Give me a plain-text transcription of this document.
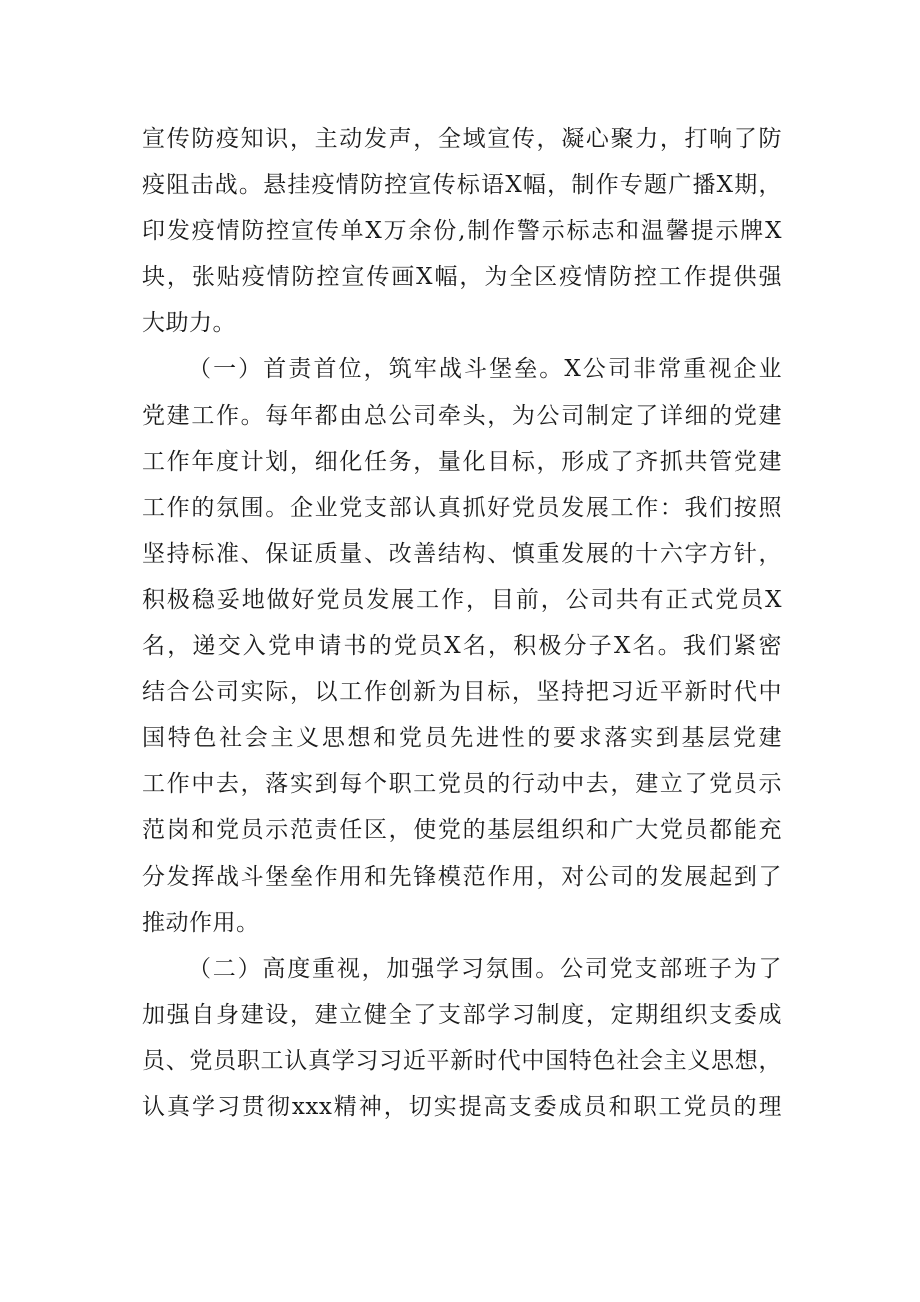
宣传防疫知识，主动发声，全域宣传，凝心聚力，打响了防
疫阻击战。悬挂疫情防控宣传标语X幅，制作专题广播X期，
印发疫情防控宣传单X万余份,制作警示标志和温馨提示牌X
块，张贴疫情防控宣传画X幅，为全区疫情防控工作提供强
大助力。
（一）首责首位，筑牢战斗堡垒。X公司非常重视企业
党建工作。每年都由总公司牵头，为公司制定了详细的党建
工作年度计划，细化任务，量化目标，形成了齐抓共管党建
工作的氛围。企业党支部认真抓好党员发展工作：我们按照
坚持标准、保证质量、改善结构、慎重发展的十六字方针，
积极稳妥地做好党员发展工作，目前，公司共有正式党员X
名，递交入党申请书的党员X名，积极分子X名。我们紧密
结合公司实际，以工作创新为目标，坚持把习近平新时代中
国特色社会主义思想和党员先进性的要求落实到基层党建
工作中去，落实到每个职工党员的行动中去，建立了党员示
范岗和党员示范责任区，使党的基层组织和广大党员都能充
分发挥战斗堡垒作用和先锋模范作用，对公司的发展起到了
推动作用。
（二）高度重视，加强学习氛围。公司党支部班子为了
加强自身建设，建立健全了支部学习制度，定期组织支委成
员、党员职工认真学习习近平新时代中国特色社会主义思想，
认真学习贯彻xxx精神，切实提高支委成员和职工党员的理
